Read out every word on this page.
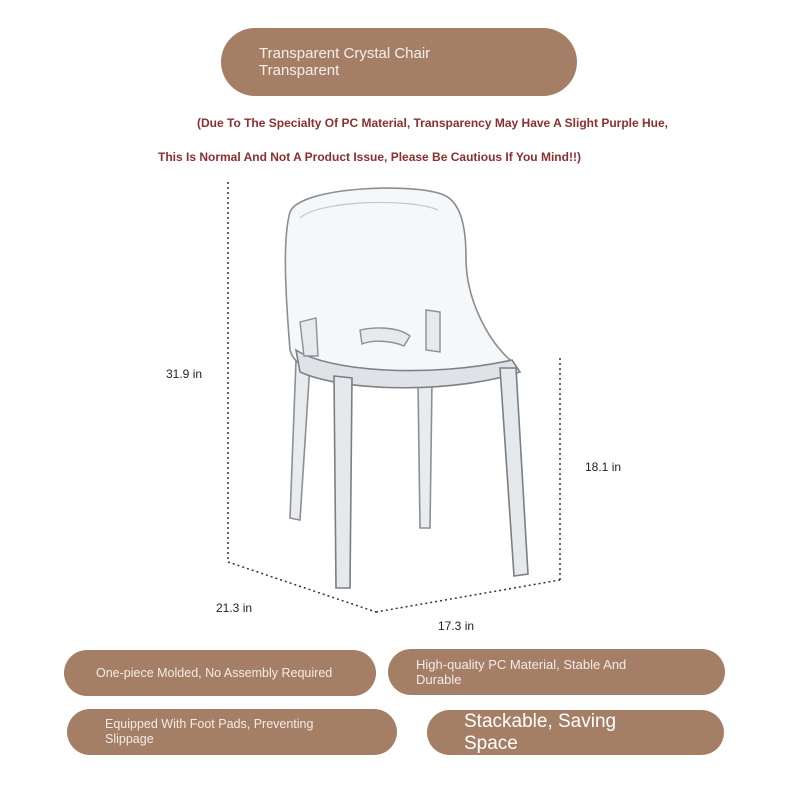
Transparent Crystal Chair
Transparent
(Due To The Specialty Of PC Material, Transparency May Have A Slight Purple Hue,
This Is Normal And Not A Product Issue, Please Be Cautious If You Mind!!)
31.9 in
18.1 in
21.3 in
17.3 in
One-piece Molded, No Assembly Required
High-quality PC Material, Stable And
Durable
Equipped With Foot Pads, Preventing
Slippage
Stackable, Saving
Space
